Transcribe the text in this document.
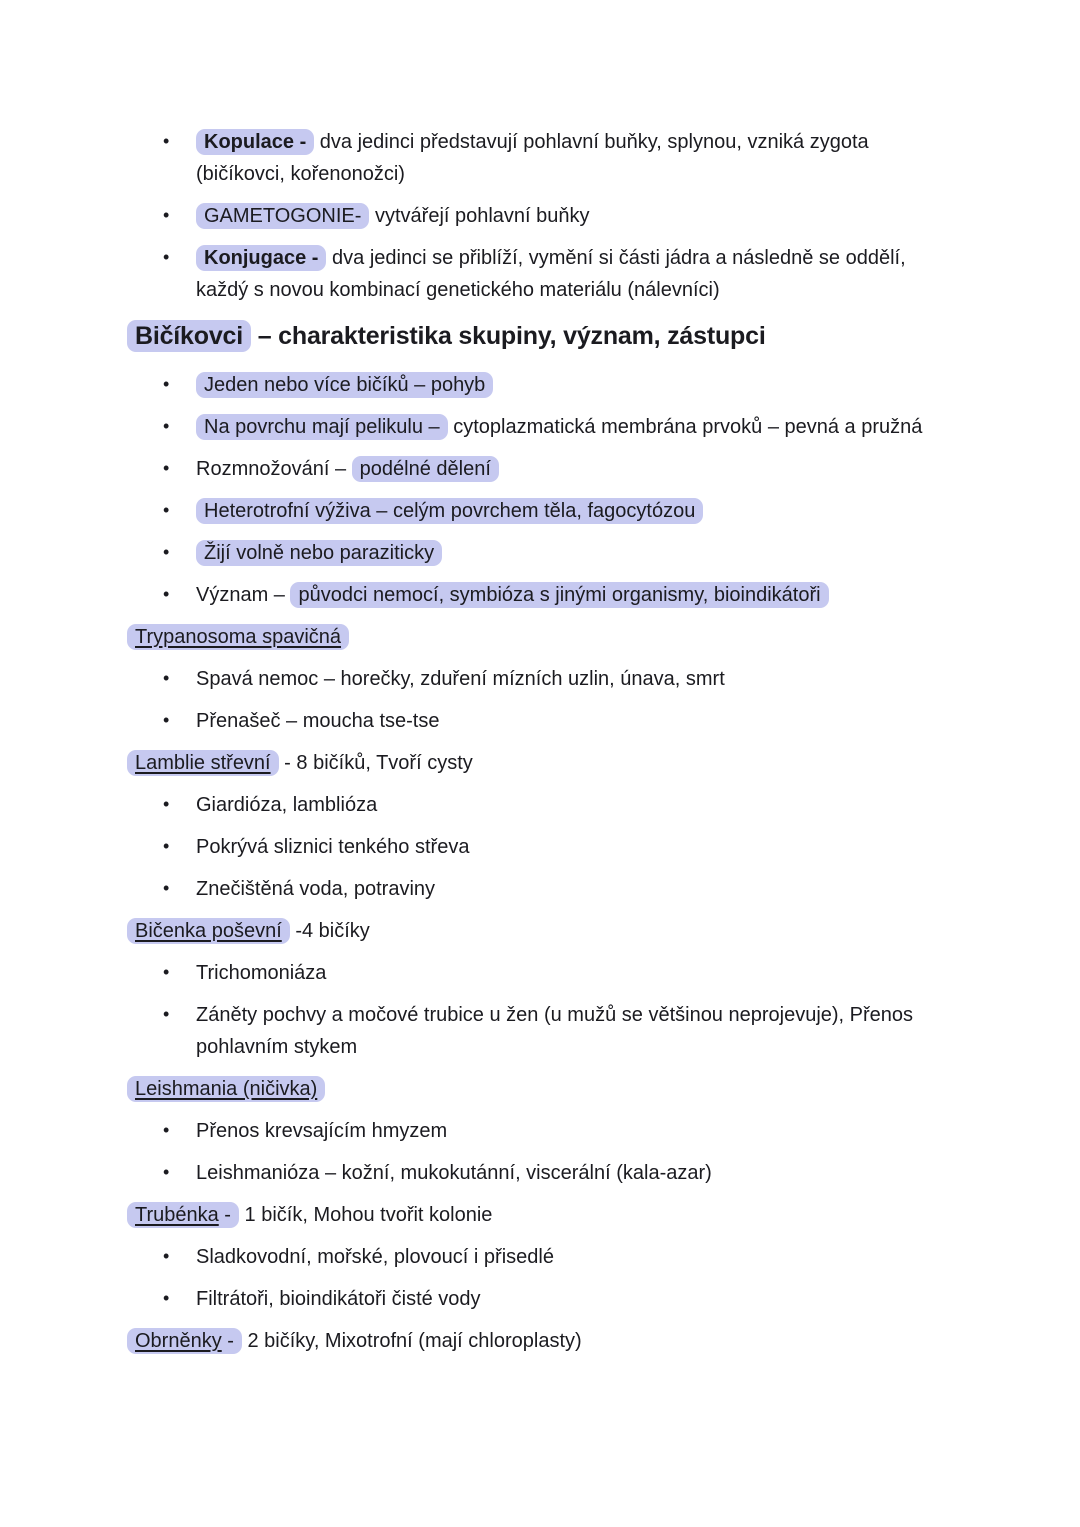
• Kopulace - dva jedinci představují pohlavní buňky, splynou, vzniká zygota (bičíkovci, kořenonožci)
• GAMETOGONIE- vytvářejí pohlavní buňky
• Konjugace - dva jedinci se přiblíží, vymění si části jádra a následně se oddělí, každý s novou kombinací genetického materiálu (nálevníci)
Bičíkovci – charakteristika skupiny, význam, zástupci
• Jeden nebo více bičíků – pohyb
• Na povrchu mají pelikulu – cytoplazmatická membrána prvoků – pevná a pružná
• Rozmnožování – podélné dělení
• Heterotrofní výživa – celým povrchem těla, fagocytózou
• Žijí volně nebo paraziticky
• Význam – původci nemocí, symbióza s jinými organismy, bioindikátoři

Trypanosoma spavičná

• Spavá nemoc – horečky, zduření mízních uzlin, únava, smrt
• Přenašeč – moucha tse-tse

Lamblie střevní - 8 bičíků, Tvoří cysty

• Giardióza, lamblióza
• Pokrývá sliznici tenkého střeva
• Znečištěná voda, potraviny

Bičenka poševní -4 bičíky

• Trichomoniáza
• Záněty pochvy a močové trubice u žen (u mužů se většinou neprojevuje), Přenos pohlavním stykem

Leishmania (ničivka)

• Přenos krevsajícím hmyzem
• Leishmanióza – kožní, mukokutánní, viscerální (kala-azar)

Trubénka - 1 bičík, Mohou tvořit kolonie

• Sladkovodní, mořské, plovoucí i přisedlé
• Filtrátoři, bioindikátoři čisté vody

Obrněnky - 2 bičíky, Mixotrofní (mají chloroplasty)
